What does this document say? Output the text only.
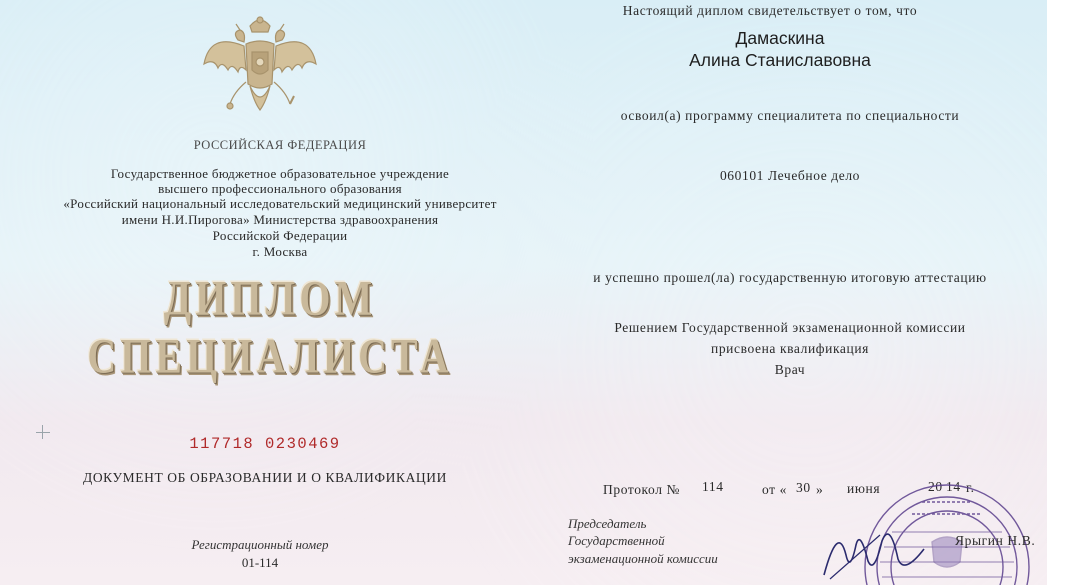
РОССИЙСКАЯ ФЕДЕРАЦИЯ
Государственное бюджетное образовательное учреждение
высшего профессионального образования
«Российский национальный исследовательский медицинский университет
имени Н.И.Пирогова» Министерства здравоохранения
Российской Федерации
г. Москва
ДИПЛОМ
СПЕЦИАЛИСТА
117718 0230469
ДОКУМЕНТ ОБ ОБРАЗОВАНИИ И О КВАЛИФИКАЦИИ
Регистрационный номер
01-114
Настоящий диплом свидетельствует о том, что
Дамаскина
Алина Станиславовна
освоил(а) программу специалитета по специальности
060101 Лечебное дело
и успешно прошел(ла) государственную итоговую аттестацию
Решением Государственной экзаменационной комиссии
присвоена квалификация
Врач
Протокол № 114	от « 30 » июня	20 14 г.
Председатель
Государственной
экзаменационной комиссии
Ярыгин Н.В.
